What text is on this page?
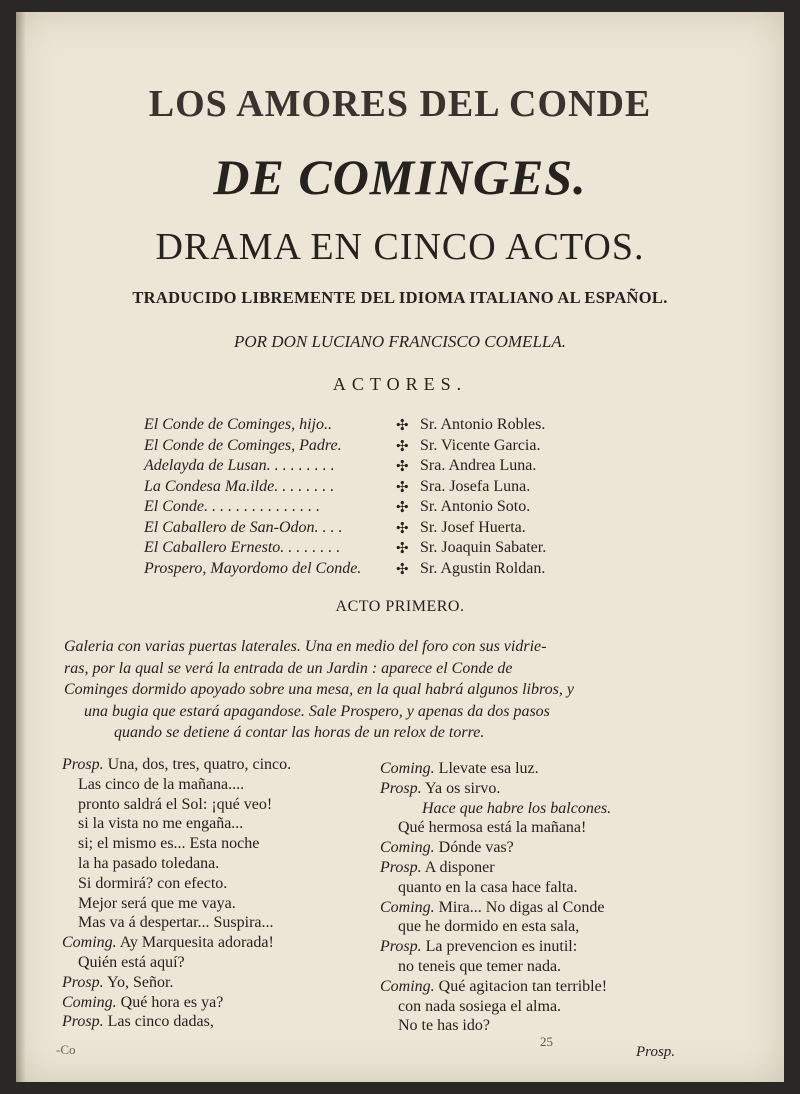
LOS AMORES DEL CONDE
DE COMINGES.
DRAMA EN CINCO ACTOS.
TRADUCIDO LIBREMENTE DEL IDIOMA ITALIANO AL ESPAÑOL.
POR DON LUCIANO FRANCISCO COMELLA.
ACTORES.
El Conde de Cominges, hijo..	✣ Sr. Antonio Robles.
El Conde de Cominges, Padre.	✣ Sr. Vicente Garcia.
Adelayda de Lusan. . . . . . . . .	✣ Sra. Andrea Luna.
La Condesa Ma.ilde. . . . . . . .	✣ Sra. Josefa Luna.
El Conde. . . . . . . . . . . . . . .	✣ Sr. Antonio Soto.
El Caballero de San-Odon. . . .	✣ Sr. Josef Huerta.
El Caballero Ernesto. . . . . . . .	✣ Sr. Joaquin Sabater.
Prospero, Mayordomo del Conde. ✣ Sr. Agustin Roldan.
ACTO PRIMERO.
Galeria con varias puertas laterales. Una en medio del foro con sus vidrie-
ras, por la qual se verá la entrada de un Jardin : aparece el Conde de
Cominges dormido apoyado sobre una mesa, en la qual habrá algunos libros, y
una bugia que estará apagandose. Sale Prospero, y apenas da dos pasos
quando se detiene á contar las horas de un relox de torre.
Prosp. Una, dos, tres, quatro, cinco.
Las cinco de la mañana....
pronto saldrá el Sol: ¡qué veo!
si la vista no me engaña...
si; el mismo es... Esta noche
la ha pasado toledana.
Si dormirá? con efecto.
Mejor será que me vaya.
Mas va á despertar... Suspira...
Coming. Ay Marquesita adorada!
Quién está aquí?
Prosp. Yo, Señor.
Coming. Qué hora es ya?
Prosp. Las cinco dadas,
Coming. Llevate esa luz.
Prosp. Ya os sirvo.
Hace que habre los balcones.
Qué hermosa está la mañana!
Coming. Dónde vas?
Prosp. A disponer
quanto en la casa hace falta.
Coming. Mira... No digas al Conde
que he dormido en esta sala,
Prosp. La prevencion es inutil:
no teneis que temer nada.
Coming. Qué agitacion tan terrible!
con nada sosiega el alma.
No te has ido?
-Co
25
Prosp.
